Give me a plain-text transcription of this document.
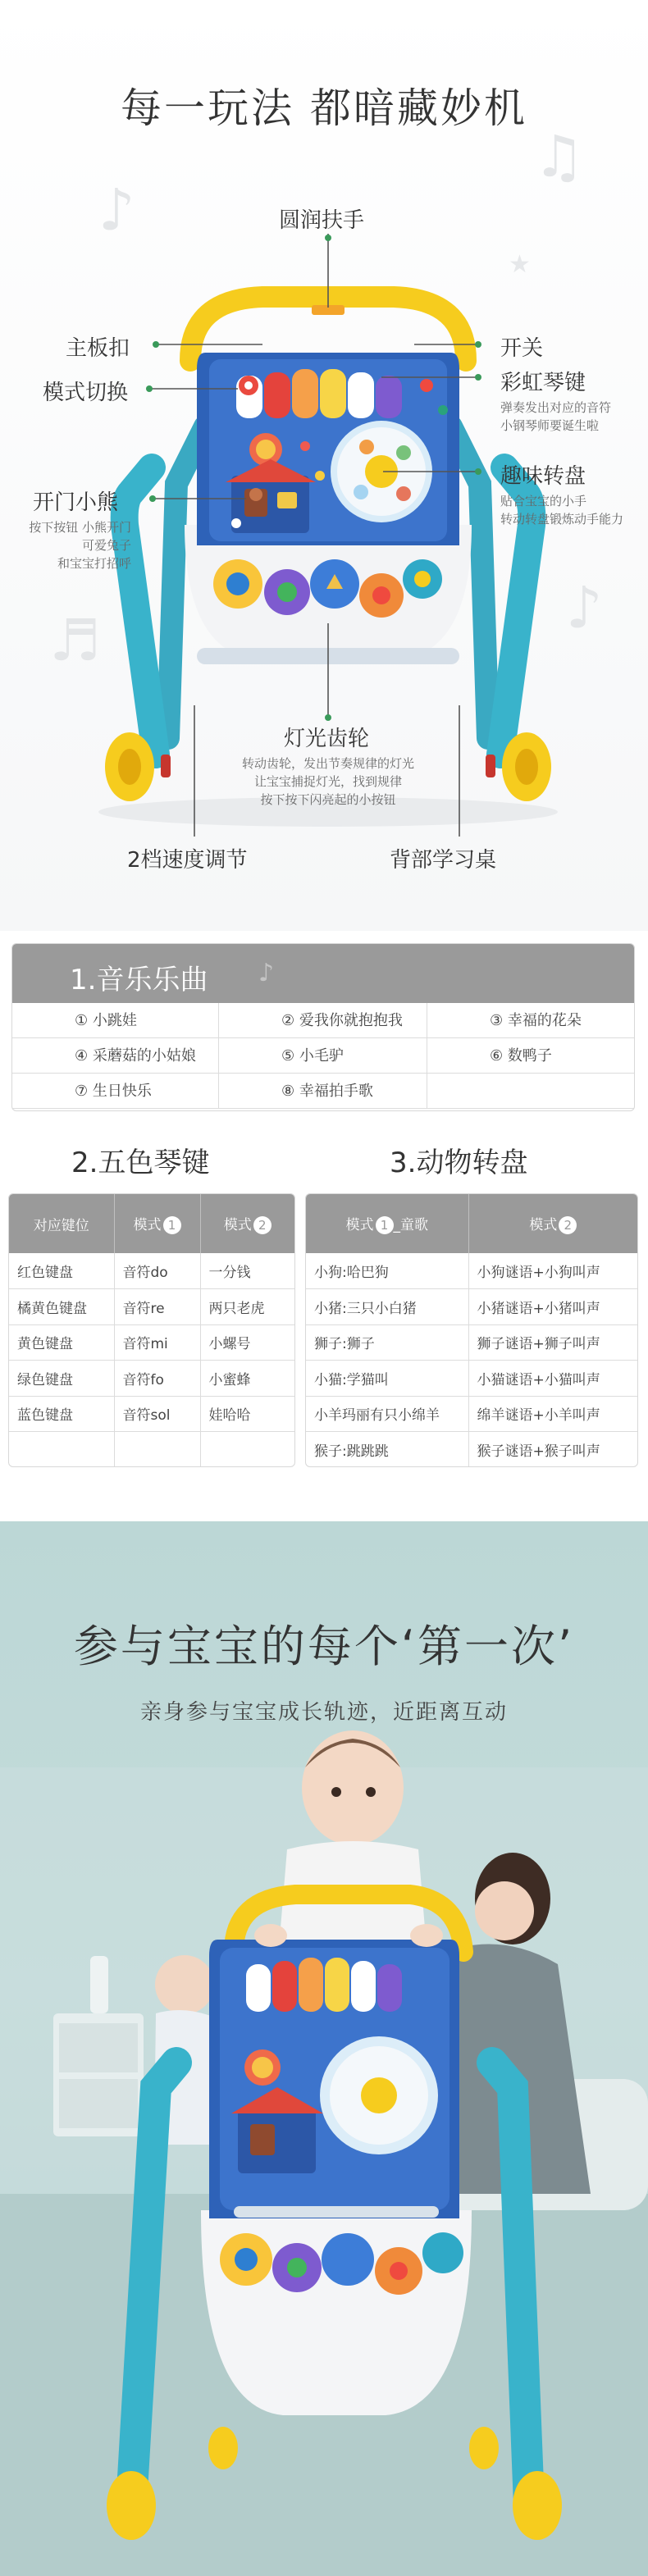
♪
♫
♪
♬
★
★
★
每一玩法 都暗藏妙机
圆润扶手
主板扣
模式切换
开门小熊
按下按钮 小熊开门
可爱兔子
和宝宝打招呼
开关
彩虹琴键
弹奏发出对应的音符
小钢琴师要诞生啦
趣味转盘
贴合宝宝的小手
转动转盘锻炼动手能力
灯光齿轮
转动齿轮，发出节奏规律的灯光
让宝宝捕捉灯光，找到规律
按下按下闪亮起的小按钮
2档速度调节	背部学习桌
1.音乐乐曲 ♪
① 小跳娃	② 爱我你就抱抱我	③ 幸福的花朵
④ 采蘑菇的小姑娘	⑤ 小毛驴	⑥ 数鸭子
⑦ 生日快乐	⑧ 幸福拍手歌
2.五色琴键	3.动物转盘
对应键位	模式 1	模式 2
红色键盘	音符do	一分钱
橘黄色键盘	音符re	两只老虎
黄色键盘	音符mi	小螺号
绿色键盘	音符fo	小蜜蜂
蓝色键盘	音符sol	娃哈哈

模式 1 _童歌	模式 2
小狗:哈巴狗	小狗谜语+小狗叫声
小猪:三只小白猪	小猪谜语+小猪叫声
狮子:狮子	狮子谜语+狮子叫声
小猫:学猫叫	小猫谜语+小猫叫声
小羊玛丽有只小绵羊	绵羊谜语+小羊叫声
猴子:跳跳跳	猴子谜语+猴子叫声
参与宝宝的每个‘第一次’
亲身参与宝宝成长轨迹，近距离互动
